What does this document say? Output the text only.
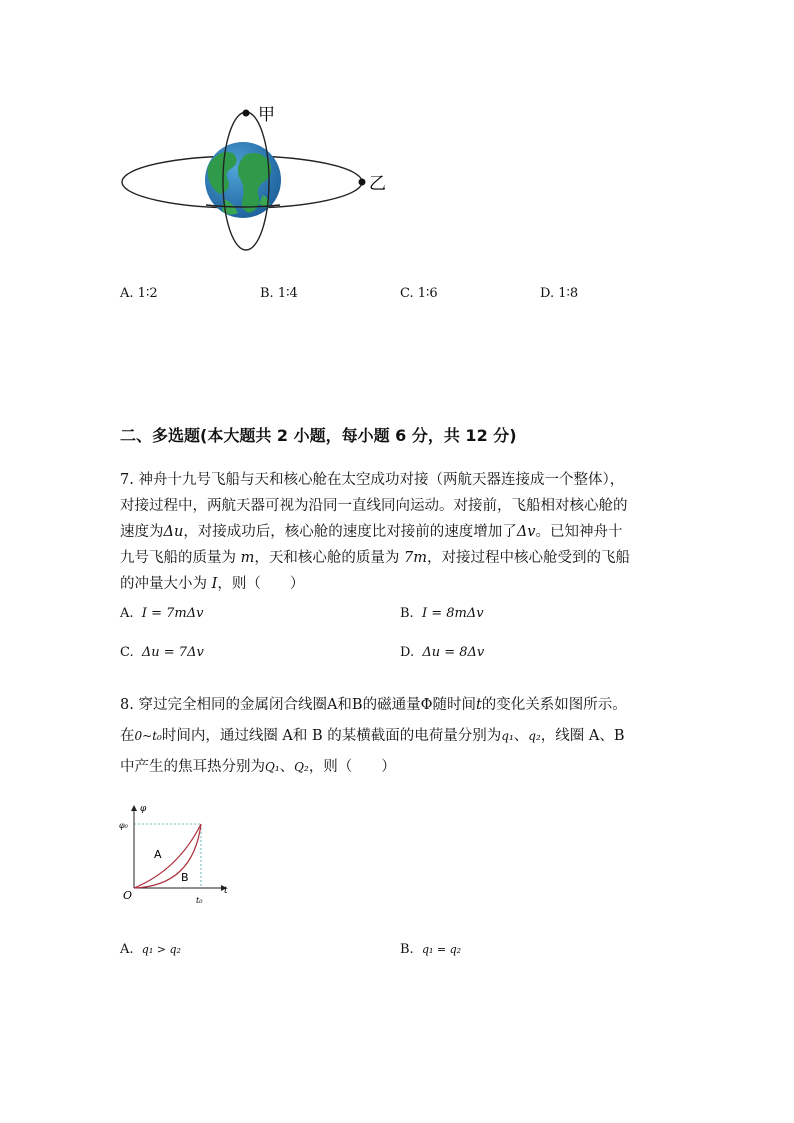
甲
乙
A. 1∶2	B. 1∶4	C. 1∶6	D. 1∶8
二、多选题(本大题共 2 小题，每小题 6 分，共 12 分)
7. 神舟十九号飞船与天和核心舱在太空成功对接（两航天器连接成一个整体），
对接过程中，两航天器可视为沿同一直线同向运动。对接前，飞船相对核心舱的
速度为Δu，对接成功后，核心舱的速度比对接前的速度增加了Δv。已知神舟十
九号飞船的质量为 m，天和核心舱的质量为 7m，对接过程中核心舱受到的飞船
的冲量大小为 I，则（　　）
A. I = 7mΔv	B. I = 8mΔv
C. Δu = 7Δv	D. Δu = 8Δv
8. 穿过完全相同的金属闭合线圈A和B的磁通量Φ随时间t的变化关系如图所示。
在0~t₀时间内，通过线圈 A和 B 的某横截面的电荷量分别为q₁、q₂，线圈 A、B
中产生的焦耳热分别为Q₁、Q₂，则（　　）
φ
t
O
φ₀
t₀
A
B
A. q₁ > q₂	B. q₁ = q₂
